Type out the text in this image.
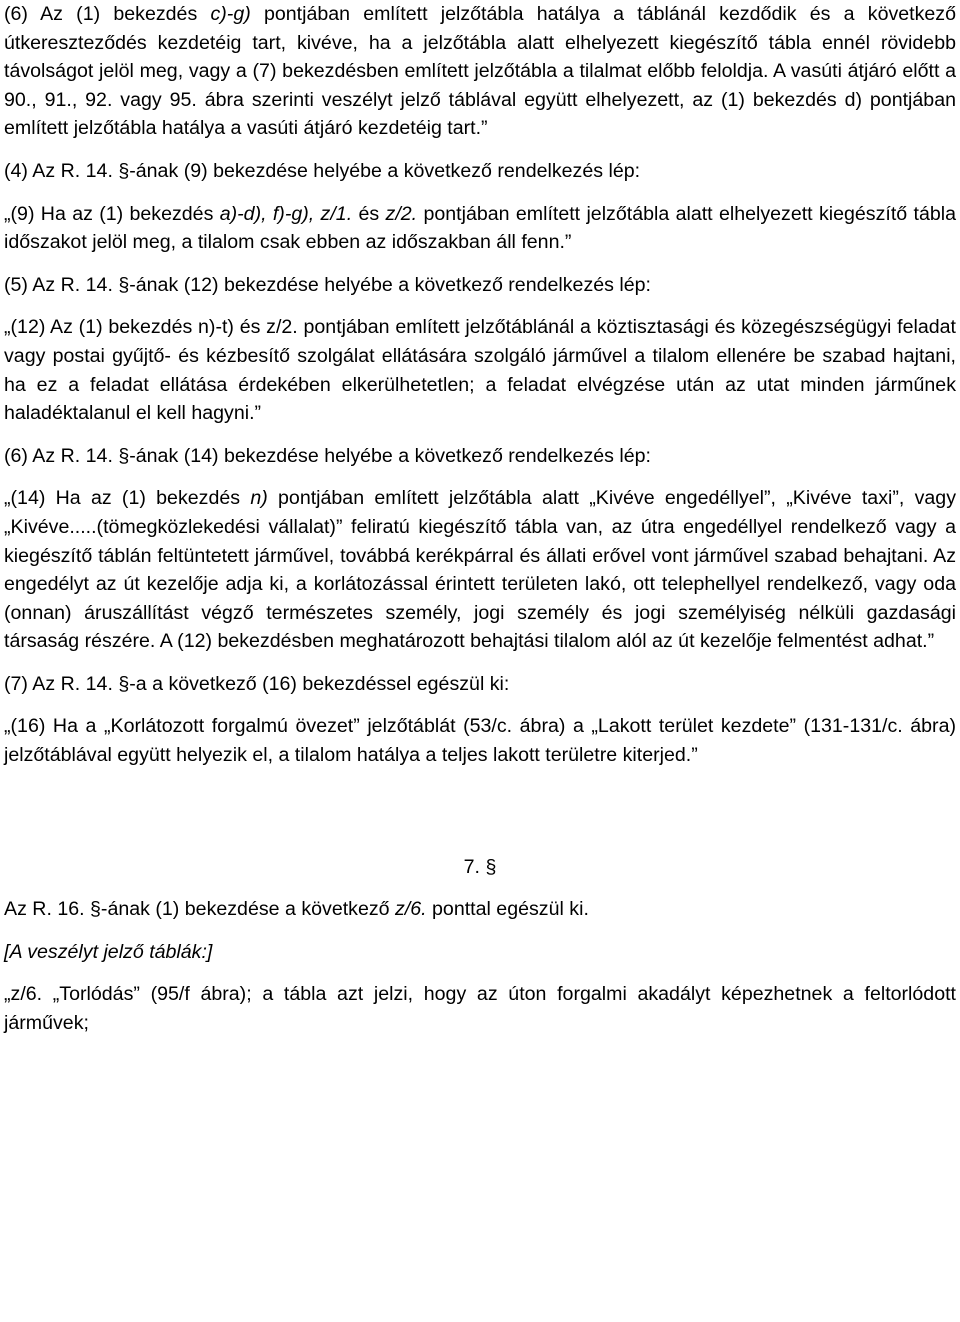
(6) Az (1) bekezdés c)-g) pontjában említett jelzőtábla hatálya a táblánál kezdődik és a következő útkereszteződés kezdetéig tart, kivéve, ha a jelzőtábla alatt elhelyezett kiegészítő tábla ennél rövidebb távolságot jelöl meg, vagy a (7) bekezdésben említett jelzőtábla a tilalmat előbb feloldja. A vasúti átjáró előtt a 90., 91., 92. vagy 95. ábra szerinti veszélyt jelző táblával együtt elhelyezett, az (1) bekezdés d) pontjában említett jelzőtábla hatálya a vasúti átjáró kezdetéig tart.”

(4) Az R. 14. §-ának (9) bekezdése helyébe a következő rendelkezés lép:

„(9) Ha az (1) bekezdés a)-d), f)-g), z/1. és z/2. pontjában említett jelzőtábla alatt elhelyezett kiegészítő tábla időszakot jelöl meg, a tilalom csak ebben az időszakban áll fenn.”

(5) Az R. 14. §-ának (12) bekezdése helyébe a következő rendelkezés lép:

„(12) Az (1) bekezdés n)-t) és z/2. pontjában említett jelzőtáblánál a köztisztasági és közegészségügyi feladat vagy postai gyűjtő- és kézbesítő szolgálat ellátására szolgáló járművel a tilalom ellenére be szabad hajtani, ha ez a feladat ellátása érdekében elkerülhetetlen; a feladat elvégzése után az utat minden járműnek haladéktalanul el kell hagyni.”

(6) Az R. 14. §-ának (14) bekezdése helyébe a következő rendelkezés lép:

„(14) Ha az (1) bekezdés n) pontjában említett jelzőtábla alatt „Kivéve engedéllyel”, „Kivéve taxi”, vagy „Kivéve.....(tömegközlekedési vállalat)” feliratú kiegészítő tábla van, az útra engedéllyel rendelkező vagy a kiegészítő táblán feltüntetett járművel, továbbá kerékpárral és állati erővel vont járművel szabad behajtani. Az engedélyt az út kezelője adja ki, a korlátozással érintett területen lakó, ott telephellyel rendelkező, vagy oda (onnan) áruszállítást végző természetes személy, jogi személy és jogi személyiség nélküli gazdasági társaság részére. A (12) bekezdésben meghatározott behajtási tilalom alól az út kezelője felmentést adhat.”

(7) Az R. 14. §-a a következő (16) bekezdéssel egészül ki:

„(16) Ha a „Korlátozott forgalmú övezet” jelzőtáblát (53/c. ábra) a „Lakott terület kezdete” (131-131/c. ábra) jelzőtáblával együtt helyezik el, a tilalom hatálya a teljes lakott területre kiterjed.”

7. §

Az R. 16. §-ának (1) bekezdése a következő z/6. ponttal egészül ki.

[A veszélyt jelző táblák:]

„z/6. „Torlódás” (95/f ábra); a tábla azt jelzi, hogy az úton forgalmi akadályt képezhetnek a feltorlódott járművek;
